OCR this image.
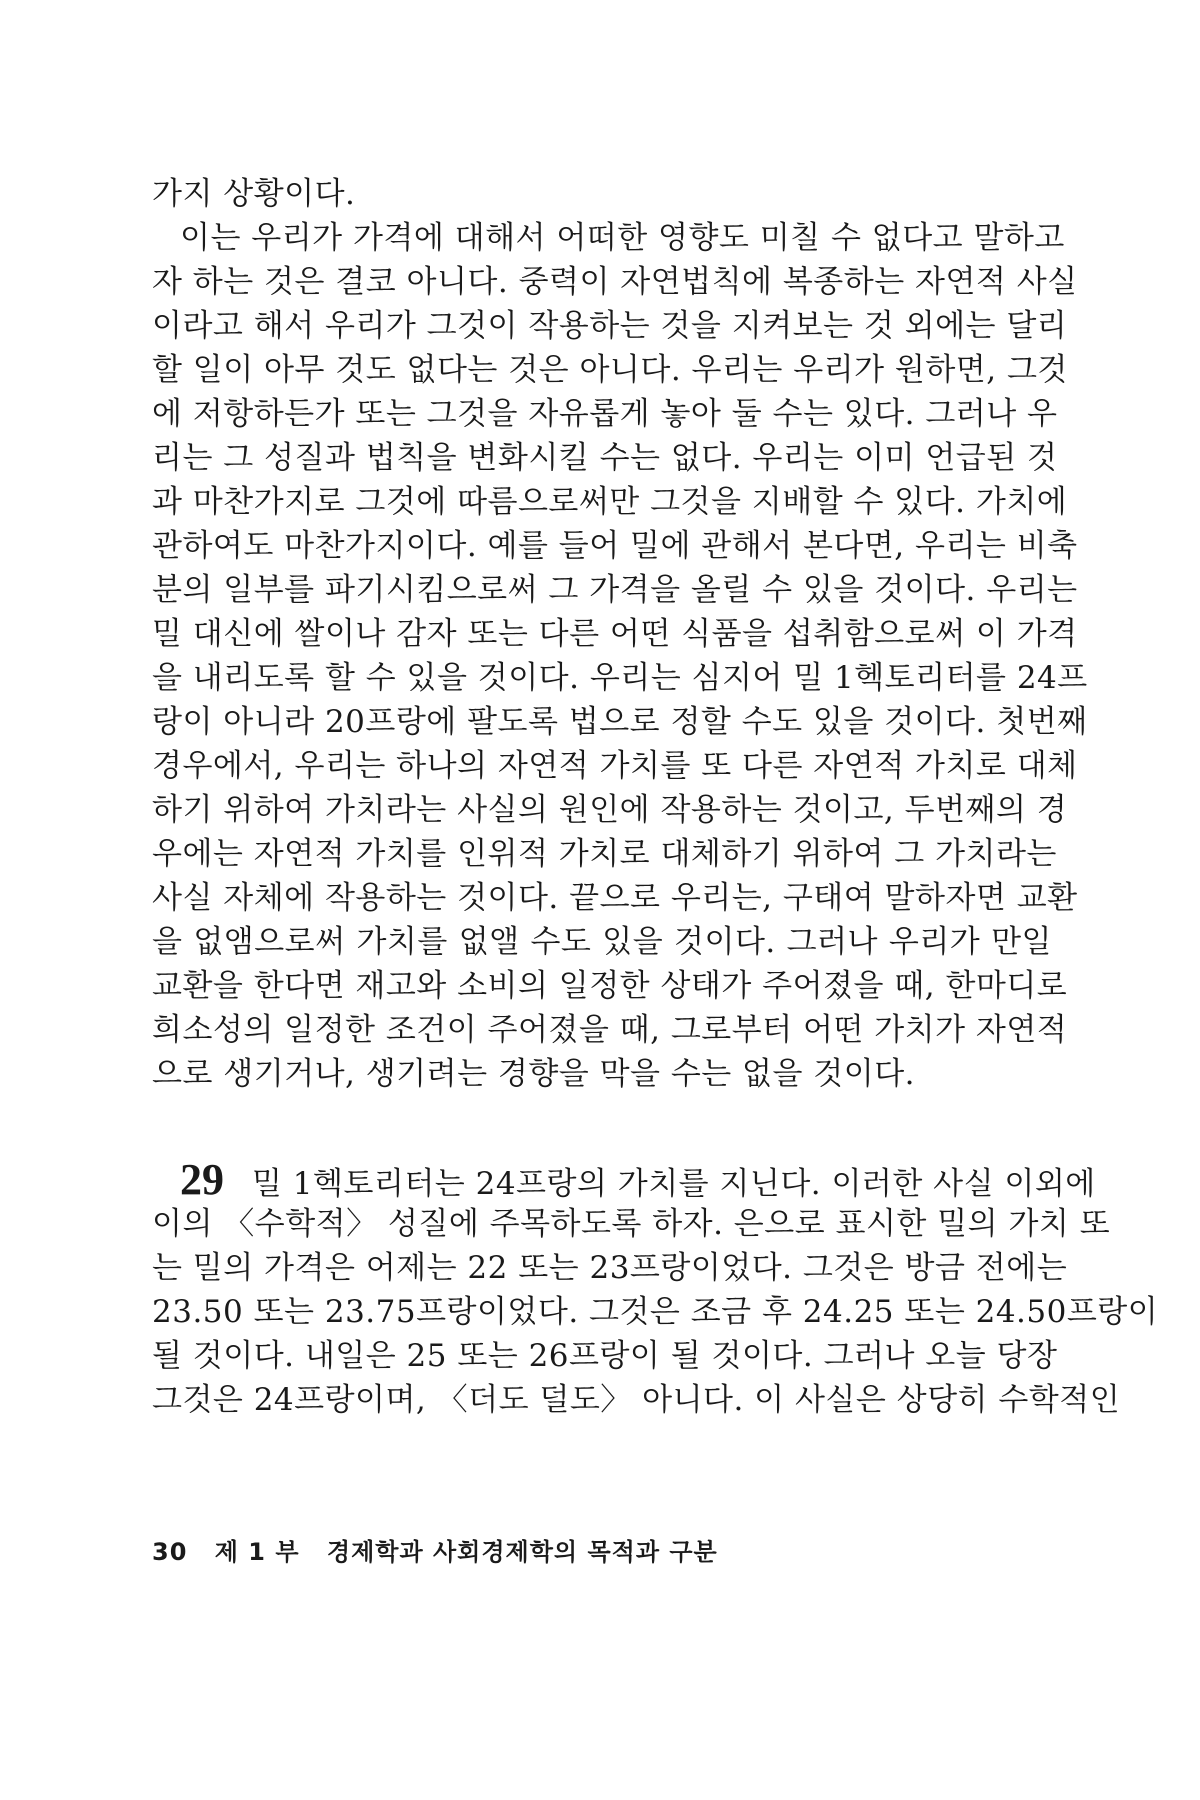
가지 상황이다.
이는 우리가 가격에 대해서 어떠한 영향도 미칠 수 없다고 말하고
자 하는 것은 결코 아니다. 중력이 자연법칙에 복종하는 자연적 사실
이라고 해서 우리가 그것이 작용하는 것을 지켜보는 것 외에는 달리
할 일이 아무 것도 없다는 것은 아니다. 우리는 우리가 원하면, 그것
에 저항하든가 또는 그것을 자유롭게 놓아 둘 수는 있다. 그러나 우
리는 그 성질과 법칙을 변화시킬 수는 없다. 우리는 이미 언급된 것
과 마찬가지로 그것에 따름으로써만 그것을 지배할 수 있다. 가치에
관하여도 마찬가지이다. 예를 들어 밀에 관해서 본다면, 우리는 비축
분의 일부를 파기시킴으로써 그 가격을 올릴 수 있을 것이다. 우리는
밀 대신에 쌀이나 감자 또는 다른 어떤 식품을 섭취함으로써 이 가격
을 내리도록 할 수 있을 것이다. 우리는 심지어 밀 1헥토리터를 24프
랑이 아니라 20프랑에 팔도록 법으로 정할 수도 있을 것이다. 첫번째
경우에서, 우리는 하나의 자연적 가치를 또 다른 자연적 가치로 대체
하기 위하여 가치라는 사실의 원인에 작용하는 것이고, 두번째의 경
우에는 자연적 가치를 인위적 가치로 대체하기 위하여 그 가치라는
사실 자체에 작용하는 것이다. 끝으로 우리는, 구태여 말하자면 교환
을 없앰으로써 가치를 없앨 수도 있을 것이다. 그러나 우리가 만일
교환을 한다면 재고와 소비의 일정한 상태가 주어졌을 때, 한마디로
희소성의 일정한 조건이 주어졌을 때, 그로부터 어떤 가치가 자연적
으로 생기거나, 생기려는 경향을 막을 수는 없을 것이다.
29 밀 1헥토리터는 24프랑의 가치를 지닌다. 이러한 사실 이외에
이의 〈수학적〉 성질에 주목하도록 하자. 은으로 표시한 밀의 가치 또
는 밀의 가격은 어제는 22 또는 23프랑이었다. 그것은 방금 전에는
23.50 또는 23.75프랑이었다. 그것은 조금 후 24.25 또는 24.50프랑이
될 것이다. 내일은 25 또는 26프랑이 될 것이다. 그러나 오늘 당장
그것은 24프랑이며, 〈더도 덜도〉 아니다. 이 사실은 상당히 수학적인
30 제 1 부 경제학과 사회경제학의 목적과 구분
